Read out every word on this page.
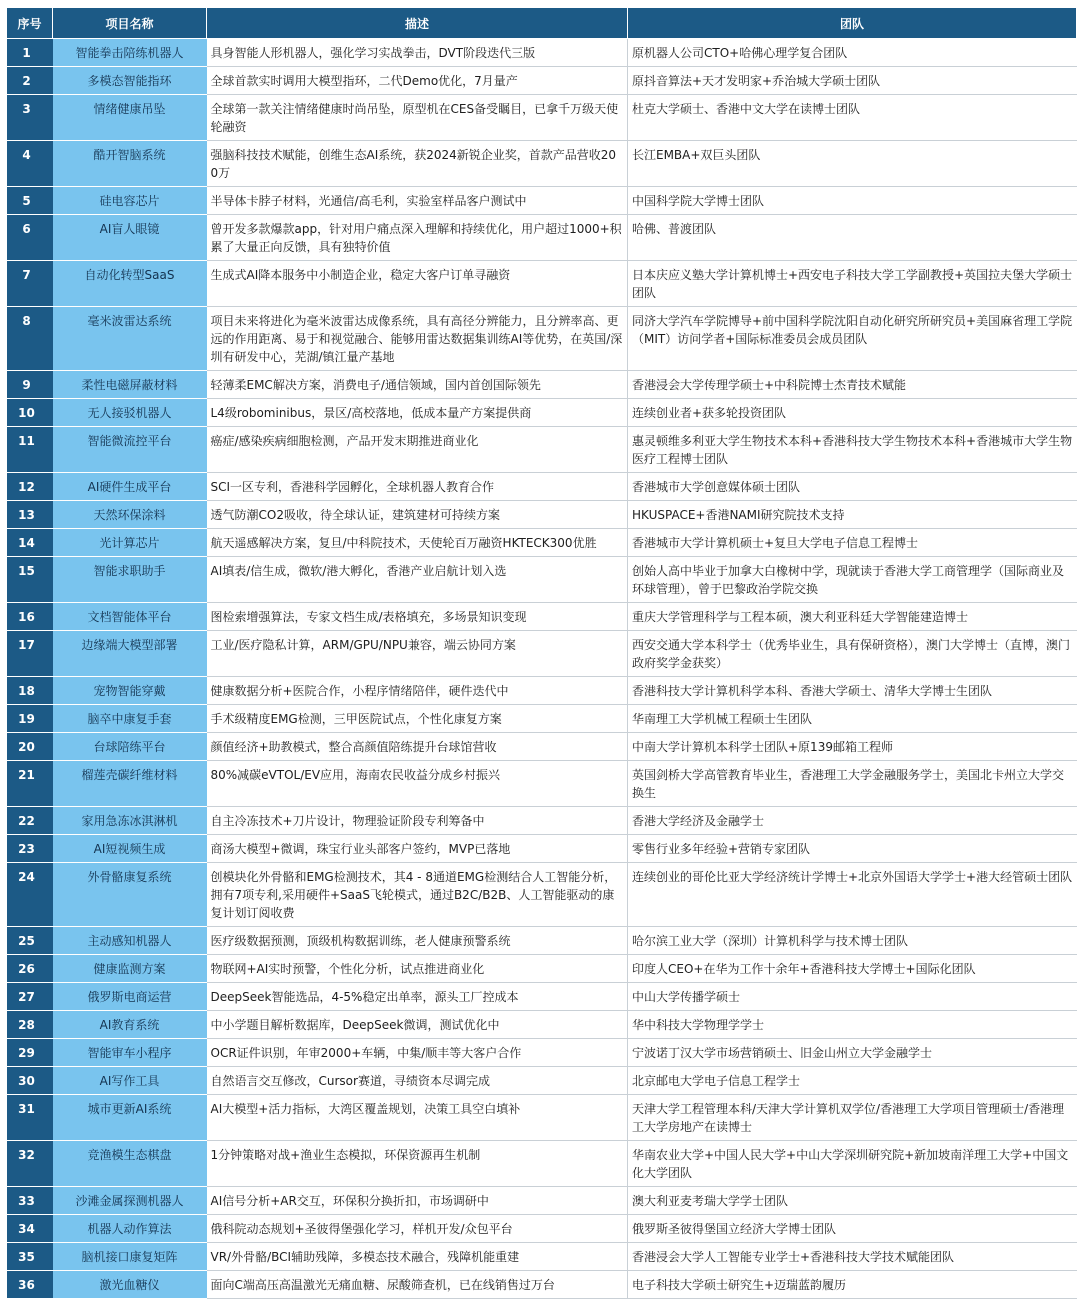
序号	项目名称	描述	团队
1	智能拳击陪练机器人	具身智能人形机器人，强化学习实战拳击，DVT阶段迭代三版	原机器人公司CTO+哈佛心理学复合团队
2	多模态智能指环	全球首款实时调用大模型指环，二代Demo优化，7月量产	原抖音算法+天才发明家+乔治城大学硕士团队
3	情绪健康吊坠	全球第一款关注情绪健康时尚吊坠，原型机在CES备受瞩目，已拿千万级天使轮融资	杜克大学硕士、香港中文大学在读博士团队
4	酷开智脑系统	强脑科技技术赋能，创维生态AI系统，获2024新锐企业奖，首款产品营收200万	长江EMBA+双巨头团队
5	硅电容芯片	半导体卡脖子材料，光通信/高毛利，实验室样品客户测试中	中国科学院大学博士团队
6	AI盲人眼镜	曾开发多款爆款app，针对用户痛点深入理解和持续优化，用户超过1000+积累了大量正向反馈，具有独特价值	哈佛、普渡团队
7	自动化转型SaaS	生成式AI降本服务中小制造企业，稳定大客户订单寻融资	日本庆应义塾大学计算机博士+西安电子科技大学工学副教授+英国拉夫堡大学硕士团队
8	毫米波雷达系统	项目未来将进化为毫米波雷达成像系统，具有高径分辨能力，且分辨率高、更远的作用距离、易于和视觉融合、能够用雷达数据集训练AI等优势，在英国/深圳有研发中心，芜湖/镇江量产基地	同济大学汽车学院博导+前中国科学院沈阳自动化研究所研究员+美国麻省理工学院（MIT）访问学者+国际标准委员会成员团队
9	柔性电磁屏蔽材料	轻薄柔EMC解决方案，消费电子/通信领域，国内首创国际领先	香港浸会大学传理学硕士+中科院博士杰青技术赋能
10	无人接驳机器人	L4级robominibus，景区/高校落地，低成本量产方案提供商	连续创业者+获多轮投资团队
11	智能微流控平台	癌症/感染疾病细胞检测，产品开发末期推进商业化	惠灵顿维多利亚大学生物技术本科+香港科技大学生物技术本科+香港城市大学生物医疗工程博士团队
12	AI硬件生成平台	SCI一区专利，香港科学园孵化，全球机器人教育合作	香港城市大学创意媒体硕士团队
13	天然环保涂料	透气防潮CO2吸收，待全球认证，建筑建材可持续方案	HKUSPACE+香港NAMI研究院技术支持
14	光计算芯片	航天遥感解决方案，复旦/中科院技术，天使轮百万融资HKTECK300优胜	香港城市大学计算机硕士+复旦大学电子信息工程博士
15	智能求职助手	AI填表/信生成，微软/港大孵化，香港产业启航计划入选	创始人高中毕业于加拿大白橡树中学，现就读于香港大学工商管理学（国际商业及环球管理），曾于巴黎政治学院交换
16	文档智能体平台	图检索增强算法，专家文档生成/表格填充，多场景知识变现	重庆大学管理科学与工程本硕，澳大利亚科廷大学智能建造博士
17	边缘端大模型部署	工业/医疗隐私计算，ARM/GPU/NPU兼容，端云协同方案	西安交通大学本科学士（优秀毕业生，具有保研资格），澳门大学博士（直博，澳门政府奖学金获奖）
18	宠物智能穿戴	健康数据分析+医院合作，小程序情绪陪伴，硬件迭代中	香港科技大学计算机科学本科、香港大学硕士、清华大学博士生团队
19	脑卒中康复手套	手术级精度EMG检测，三甲医院试点，个性化康复方案	华南理工大学机械工程硕士生团队
20	台球陪练平台	颜值经济+助教模式，整合高颜值陪练提升台球馆营收	中南大学计算机本科学士团队+原139邮箱工程师
21	榴莲壳碳纤维材料	80%减碳eVTOL/EV应用，海南农民收益分成乡村振兴	英国剑桥大学高管教育毕业生，香港理工大学金融服务学士，美国北卡州立大学交换生
22	家用急冻冰淇淋机	自主冷冻技术+刀片设计，物理验证阶段专利筹备中	香港大学经济及金融学士
23	AI短视频生成	商汤大模型+微调，珠宝行业头部客户签约，MVP已落地	零售行业多年经验+营销专家团队
24	外骨骼康复系统	创模块化外骨骼和EMG检测技术，其4 - 8通道EMG检测结合人工智能分析，拥有7项专利,采用硬件+SaaS飞轮模式，通过B2C/B2B、人工智能驱动的康复计划订阅收费	连续创业的哥伦比亚大学经济统计学博士+北京外国语大学学士+港大经管硕士团队
25	主动感知机器人	医疗级数据预测，顶级机构数据训练，老人健康预警系统	哈尔滨工业大学（深圳）计算机科学与技术博士团队
26	健康监测方案	物联网+AI实时预警，个性化分析，试点推进商业化	印度人CEO+在华为工作十余年+香港科技大学博士+国际化团队
27	俄罗斯电商运营	DeepSeek智能选品，4-5%稳定出单率，源头工厂控成本	中山大学传播学硕士
28	AI教育系统	中小学题目解析数据库，DeepSeek微调，测试优化中	华中科技大学物理学学士
29	智能审车小程序	OCR证件识别，年审2000+车辆，中集/顺丰等大客户合作	宁波诺丁汉大学市场营销硕士、旧金山州立大学金融学士
30	AI写作工具	自然语言交互修改，Cursor赛道，寻绩资本尽调完成	北京邮电大学电子信息工程学士
31	城市更新AI系统	AI大模型+活力指标，大湾区覆盖规划，决策工具空白填补	天津大学工程管理本科/天津大学计算机双学位/香港理工大学项目管理硕士/香港理工大学房地产在读博士
32	竞渔模生态棋盘	1分钟策略对战+渔业生态模拟，环保资源再生机制	华南农业大学+中国人民大学+中山大学深圳研究院+新加坡南洋理工大学+中国文化大学团队
33	沙滩金属探测机器人	AI信号分析+AR交互，环保积分换折扣，市场调研中	澳大利亚麦考瑞大学学士团队
34	机器人动作算法	俄科院动态规划+圣彼得堡强化学习，样机开发/众包平台	俄罗斯圣彼得堡国立经济大学博士团队
35	脑机接口康复矩阵	VR/外骨骼/BCI辅助残障，多模态技术融合，残障机能重建	香港浸会大学人工智能专业学士+香港科技大学技术赋能团队
36	激光血糖仪	面向C端高压高温激光无痛血糖、尿酸筛查机，已在线销售过万台	电子科技大学硕士研究生+迈瑞蓝韵履历
